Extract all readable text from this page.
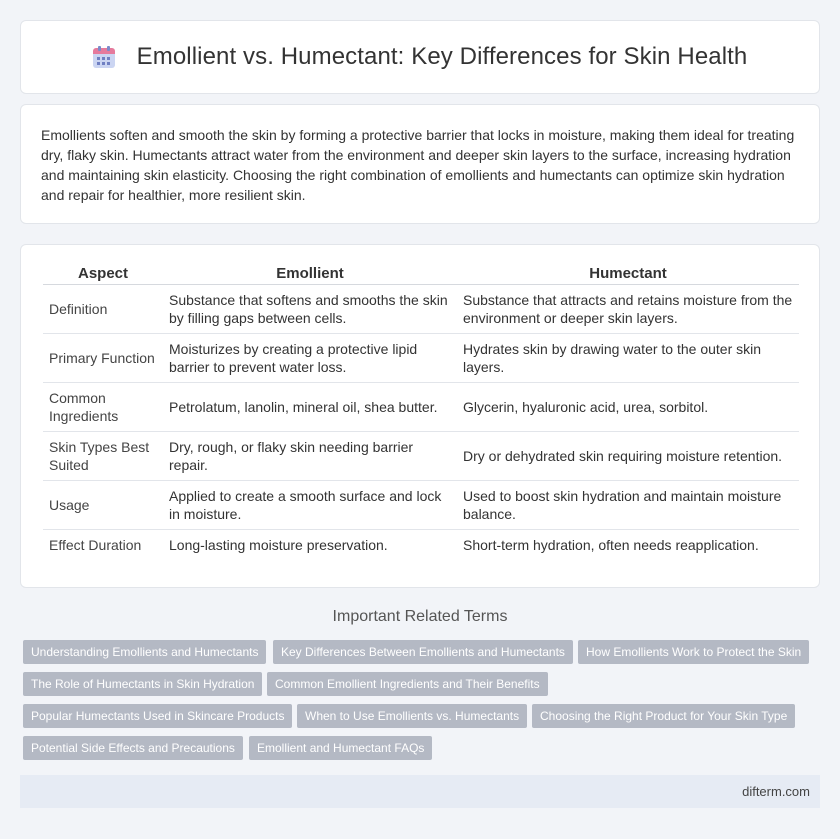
Emollient vs. Humectant: Key Differences for Skin Health

Emollients soften and smooth the skin by forming a protective barrier that locks in moisture, making them ideal for treating dry, flaky skin. Humectants attract water from the environment and deeper skin layers to the surface, increasing hydration and maintaining skin elasticity. Choosing the right combination of emollients and humectants can optimize skin hydration and repair for healthier, more resilient skin.

Aspect	Emollient	Humectant
Definition	Substance that softens and smooths the skin by filling gaps between cells.	Substance that attracts and retains moisture from the environment or deeper skin layers.
Primary Function	Moisturizes by creating a protective lipid barrier to prevent water loss.	Hydrates skin by drawing water to the outer skin layers.
Common Ingredients	Petrolatum, lanolin, mineral oil, shea butter.	Glycerin, hyaluronic acid, urea, sorbitol.
Skin Types Best Suited	Dry, rough, or flaky skin needing barrier repair.	Dry or dehydrated skin requiring moisture retention.
Usage	Applied to create a smooth surface and lock in moisture.	Used to boost skin hydration and maintain moisture balance.
Effect Duration	Long-lasting moisture preservation.	Short-term hydration, often needs reapplication.
Important Related Terms
Understanding Emollients and Humectants	Key Differences Between Emollients and Humectants	How Emollients Work to Protect the Skin
The Role of Humectants in Skin Hydration	Common Emollient Ingredients and Their Benefits
Popular Humectants Used in Skincare Products	When to Use Emollients vs. Humectants	Choosing the Right Product for Your Skin Type
Potential Side Effects and Precautions	Emollient and Humectant FAQs
difterm.com
